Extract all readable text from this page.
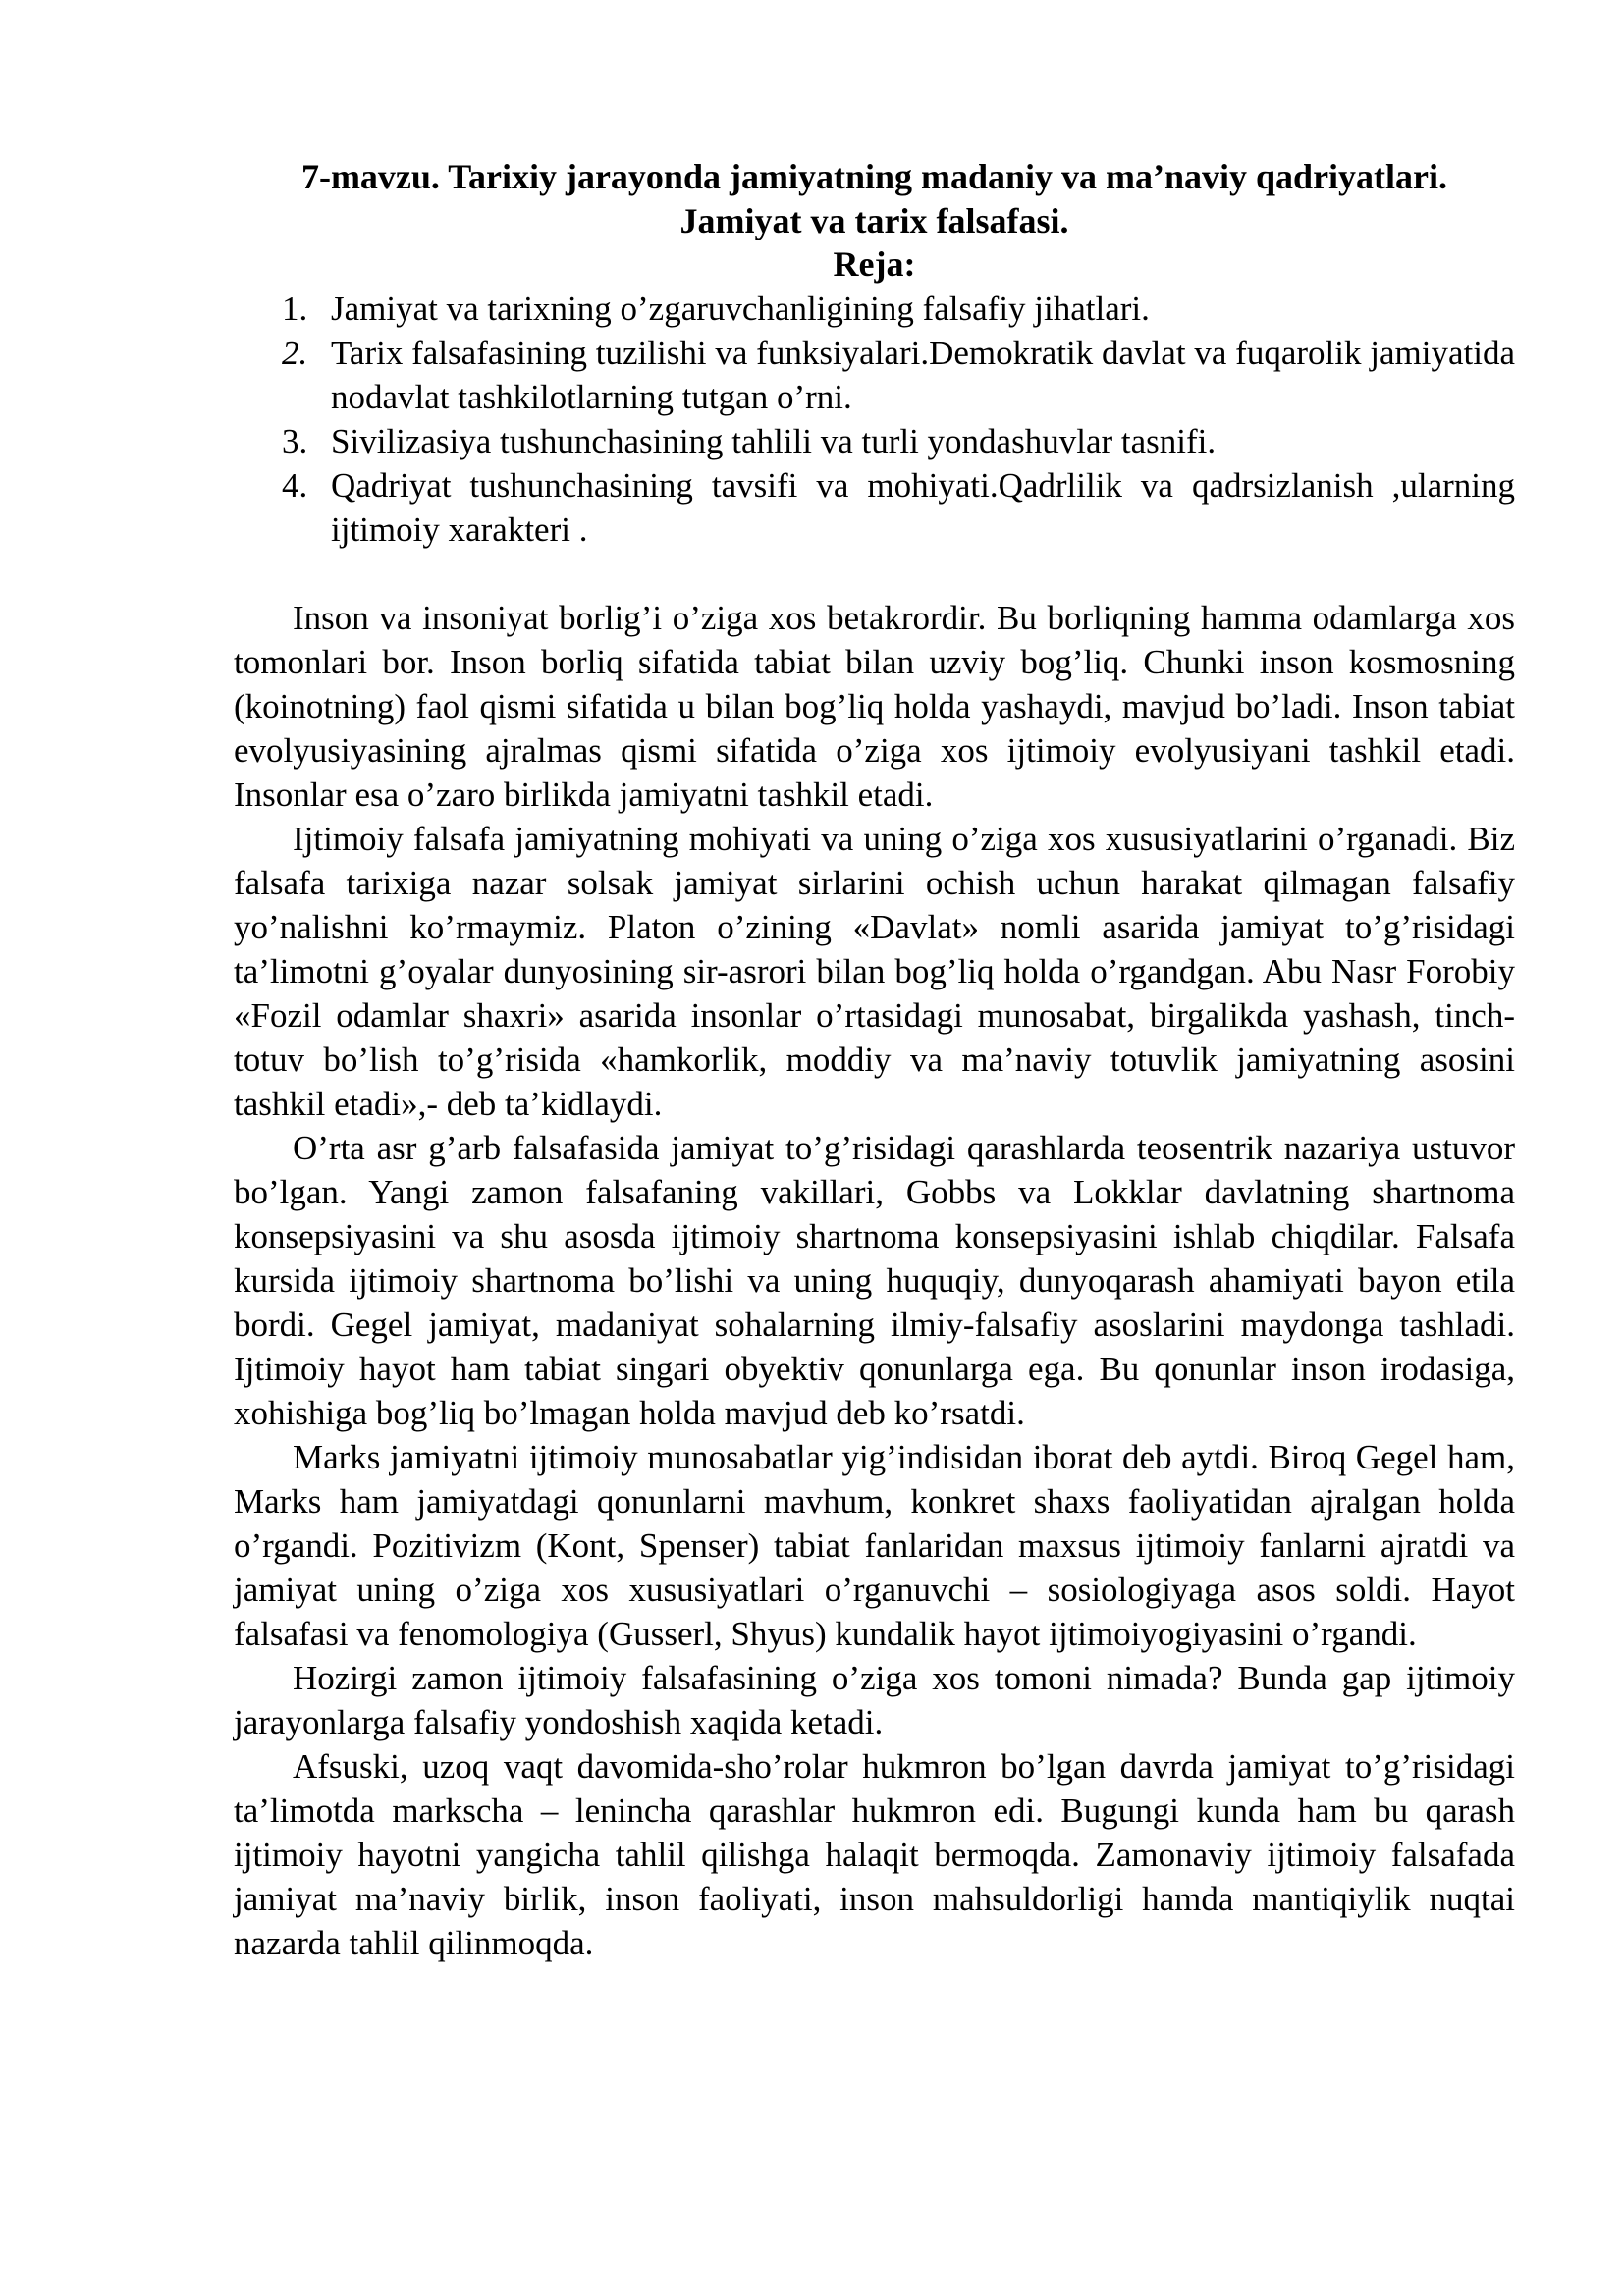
7-mavzu. Tarixiy jarayonda jamiyatning madaniy va ma’naviy qadriyatlari.
Jamiyat va tarix falsafasi.

Reja:

1. Jamiyat va tarixning o’zgaruvchanligining falsafiy jihatlari.
2. Tarix falsafasining tuzilishi va funksiyalari.Demokratik davlat va fuqarolik jamiyatida nodavlat tashkilotlarning tutgan o’rni.
3. Sivilizasiya tushunchasining tahlili va turli yondashuvlar tasnifi.
4. Qadriyat tushunchasining tavsifi va mohiyati.Qadrlilik va qadrsizlanish ,ularning ijtimoiy xarakteri .

Inson va insoniyat borlig’i o’ziga xos betakrordir. Bu borliqning hamma odamlarga xos tomonlari bor. Inson borliq sifatida tabiat bilan uzviy bog’liq. Chunki inson kosmosning (koinotning) faol qismi sifatida u bilan bog’liq holda yashaydi, mavjud bo’ladi. Inson tabiat evolyusiyasining ajralmas qismi sifatida o’ziga xos ijtimoiy evolyusiyani tashkil etadi. Insonlar esa o’zaro birlikda jamiyatni tashkil etadi.

Ijtimoiy falsafa jamiyatning mohiyati va uning o’ziga xos xususiyatlarini o’rganadi. Biz falsafa tarixiga nazar solsak jamiyat sirlarini ochish uchun harakat qilmagan falsafiy yo’nalishni ko’rmaymiz. Platon o’zining «Davlat» nomli asarida jamiyat to’g’risidagi ta’limotni g’oyalar dunyosining sir-asrori bilan bog’liq holda o’rgandgan. Abu Nasr Forobiy «Fozil odamlar shaxri» asarida insonlar o’rtasidagi munosabat, birgalikda yashash, tinch-totuv bo’lish to’g’risida «hamkorlik, moddiy va ma’naviy totuvlik jamiyatning asosini tashkil etadi»,- deb ta’kidlaydi.

O’rta asr g’arb falsafasida jamiyat to’g’risidagi qarashlarda teosentrik nazariya ustuvor bo’lgan. Yangi zamon falsafaning vakillari, Gobbs va Lokklar davlatning shartnoma konsepsiyasini va shu asosda ijtimoiy shartnoma konsepsiyasini ishlab chiqdilar. Falsafa kursida ijtimoiy shartnoma bo’lishi va uning huquqiy, dunyoqarash ahamiyati bayon etila bordi. Gegel jamiyat, madaniyat sohalarning ilmiy-falsafiy asoslarini maydonga tashladi. Ijtimoiy hayot ham tabiat singari obyektiv qonunlarga ega. Bu qonunlar inson irodasiga, xohishiga bog’liq bo’lmagan holda mavjud deb ko’rsatdi.

Marks jamiyatni ijtimoiy munosabatlar yig’indisidan iborat deb aytdi. Biroq Gegel ham, Marks ham jamiyatdagi qonunlarni mavhum, konkret shaxs faoliyatidan ajralgan holda o’rgandi. Pozitivizm (Kont, Spenser) tabiat fanlaridan maxsus ijtimoiy fanlarni ajratdi va jamiyat uning o’ziga xos xususiyatlari o’rganuvchi – sosiologiyaga asos soldi. Hayot falsafasi va fenomologiya (Gusserl, Shyus) kundalik hayot ijtimoiyogiyasini o’rgandi.

Hozirgi zamon ijtimoiy falsafasining o’ziga xos tomoni nimada? Bunda gap ijtimoiy jarayonlarga falsafiy yondoshish xaqida ketadi.

Afsuski, uzoq vaqt davomida-sho’rolar hukmron bo’lgan davrda jamiyat to’g’risidagi ta’limotda markscha – lenincha qarashlar hukmron edi. Bugungi kunda ham bu qarash ijtimoiy hayotni yangicha tahlil qilishga halaqit bermoqda. Zamonaviy ijtimoiy falsafada jamiyat ma’naviy birlik, inson faoliyati, inson mahsuldorligi hamda mantiqiylik nuqtai nazarda tahlil qilinmoqda.
